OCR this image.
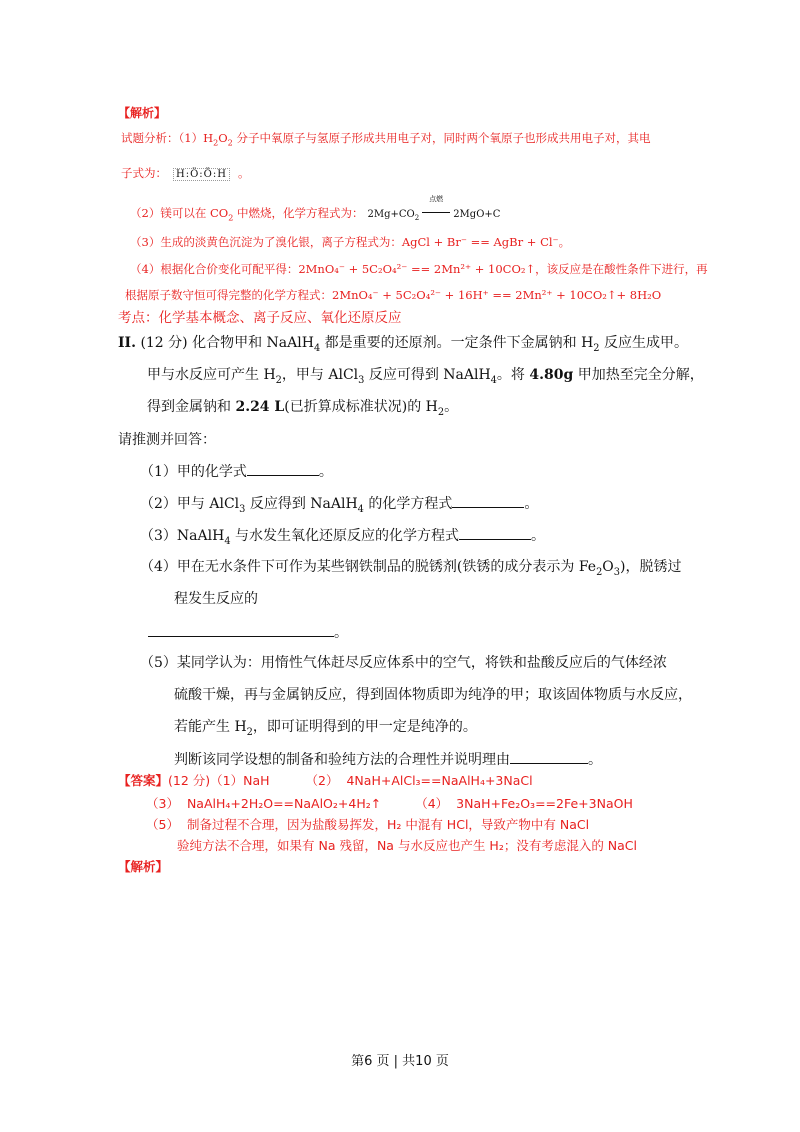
【解析】
试题分析：$(1)H_2O_2$ 分子中氧原子与氢原子形成共用电子对，同时两个氧原子也形成共用电子对，其电
子式为： H:Ö:Ö:H 。
（2）镁可以在 $CO_2$ 中燃烧，化学方程式为： $2Mg+CO_2$
点燃
2MgO+C
（3）生成的淡黄色沉淀为了溴化银，离子方程式为：AgCl + Br⁻ == AgBr + Cl⁻。
（4）根据化合价变化可配平得：2MnO₄⁻ + 5C₂O₄²⁻ == 2Mn²⁺ + 10CO₂↑，该反应是在酸性条件下进行，再
根据原子数守恒可得完整的化学方程式：2MnO₄⁻ + 5C₂O₄²⁻ + 16H⁺ == 2Mn²⁺ + 10CO₂↑+ 8H₂O
考点：化学基本概念、离子反应、氧化还原反应
II. (12 分) 化合物甲和 NaAlH$_4$ 都是重要的还原剂。一定条件下金属钠和 $H_2$ 反应生成甲。
甲与水反应可产生 $H_2$，甲与 AlCl$_3$ 反应可得到 NaAlH$_4$。将 4.80g 甲加热至完全分解，
得到金属钠和 2.24 L(已折算成标准状况)的 $H_2$。
请推测并回答：
（1）甲的化学式	。
（2）甲与 AlCl$_3$ 反应得到 NaAlH$_4$ 的化学方程式	。
（3）NaAlH$_4$ 与水发生氧化还原反应的化学方程式	。
（4）甲在无水条件下可作为某些钢铁制品的脱锈剂(铁锈的成分表示为 $Fe_2O_3$)，脱锈过
程发生反应的
。
（5）某同学认为：用惰性气体赶尽反应体系中的空气，将铁和盐酸反应后的气体经浓
硫酸干燥，再与金属钠反应，得到固体物质即为纯净的甲；取该固体物质与水反应，
若能产生 $H_2$，即可证明得到的甲一定是纯净的。
判断该同学设想的制备和验纯方法的合理性并说明理由	。
【答案】(12 分)（1）NaH	（2） 4NaH+AlCl₃==NaAlH₄+3NaCl
（3） NaAlH₄+2H₂O==NaAlO₂+4H₂↑	（4） 3NaH+Fe₂O₃==2Fe+3NaOH
（5） 制备过程不合理，因为盐酸易挥发，H₂ 中混有 HCl，导致产物中有 NaCl
验纯方法不合理，如果有 Na 残留，Na 与水反应也产生 H₂；没有考虑混入的 NaCl
【解析】
第6 页 | 共10 页
